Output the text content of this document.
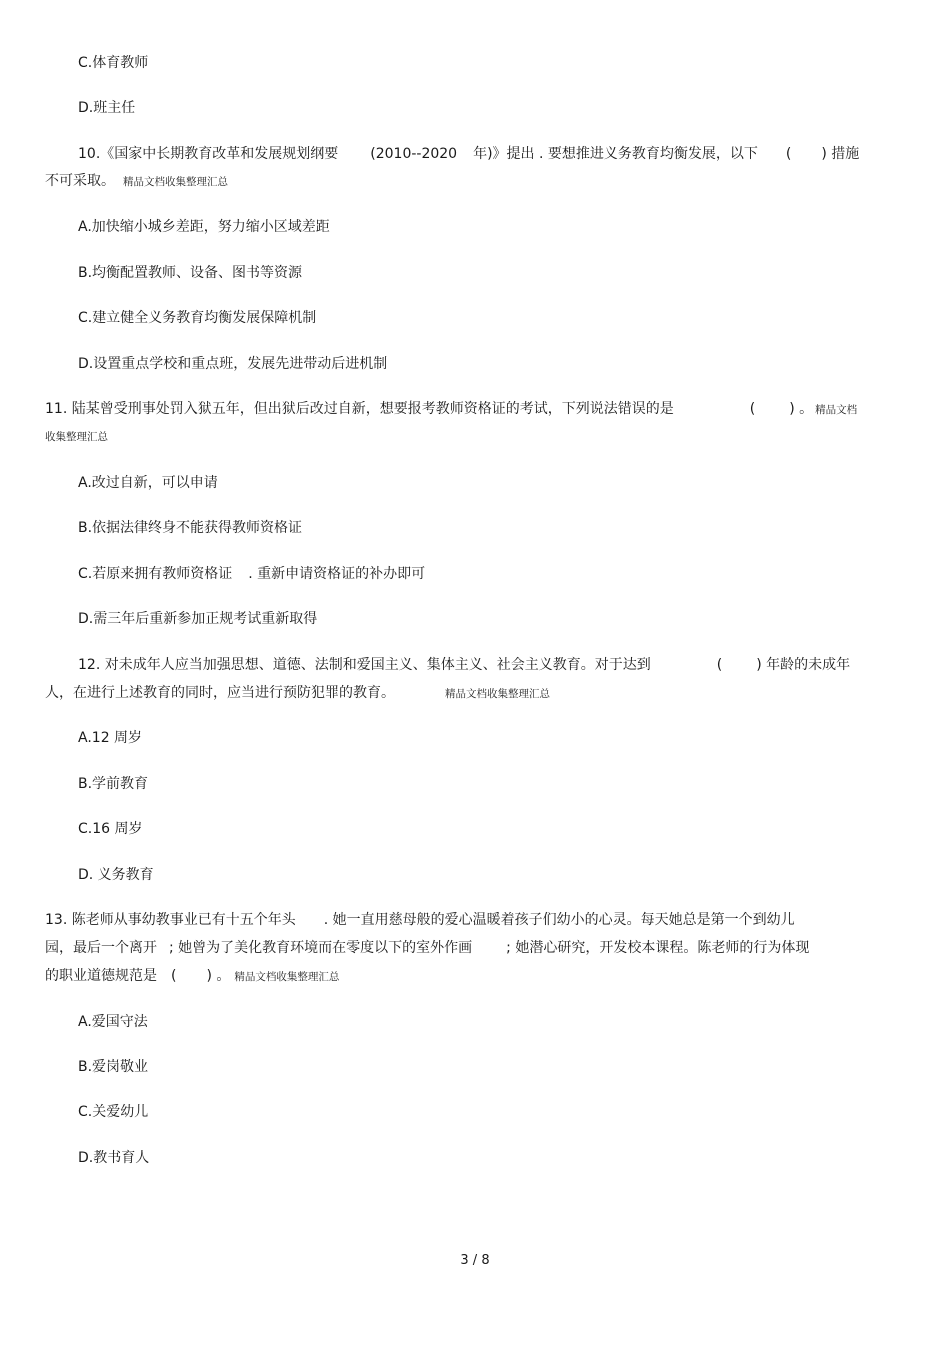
C.体育教师
D.班主任
10.《国家中长期教育改革和发展规划纲要 (2010--2020 年)》提出 . 要想推进义务教育均衡发展，以下 ( ) 措施
不可采取。 精品文档收集整理汇总
A.加快缩小城乡差距，努力缩小区域差距
B.均衡配置教师、设备、图书等资源
C.建立健全义务教育均衡发展保障机制
D.设置重点学校和重点班，发展先进带动后进机制
11. 陆某曾受刑事处罚入狱五年，但出狱后改过自新，想要报考教师资格证的考试，下列说法错误的是	( ) 。 精品文档
收集整理汇总
A.改过自新，可以申请
B.依据法律终身不能获得教师资格证
C.若原来拥有教师资格证 . 重新申请资格证的补办即可
D.需三年后重新参加正规考试重新取得
12. 对未成年人应当加强思想、道德、法制和爱国主义、集体主义、社会主义教育。对于达到	( ) 年龄的未成年
人，在进行上述教育的同时，应当进行预防犯罪的教育。	精品文档收集整理汇总
A.12 周岁
B.学前教育
C.16 周岁
D. 义务教育
13. 陈老师从事幼教事业已有十五个年头 . 她一直用慈母般的爱心温暖着孩子们幼小的心灵。每天她总是第一个到幼儿
园，最后一个离开 ; 她曾为了美化教育环境而在零度以下的室外作画 ; 她潜心研究，开发校本课程。陈老师的行为体现
的职业道德规范是 ( ) 。 精品文档收集整理汇总
A.爱国守法
B.爱岗敬业
C.关爱幼儿
D.教书育人
3 / 8
